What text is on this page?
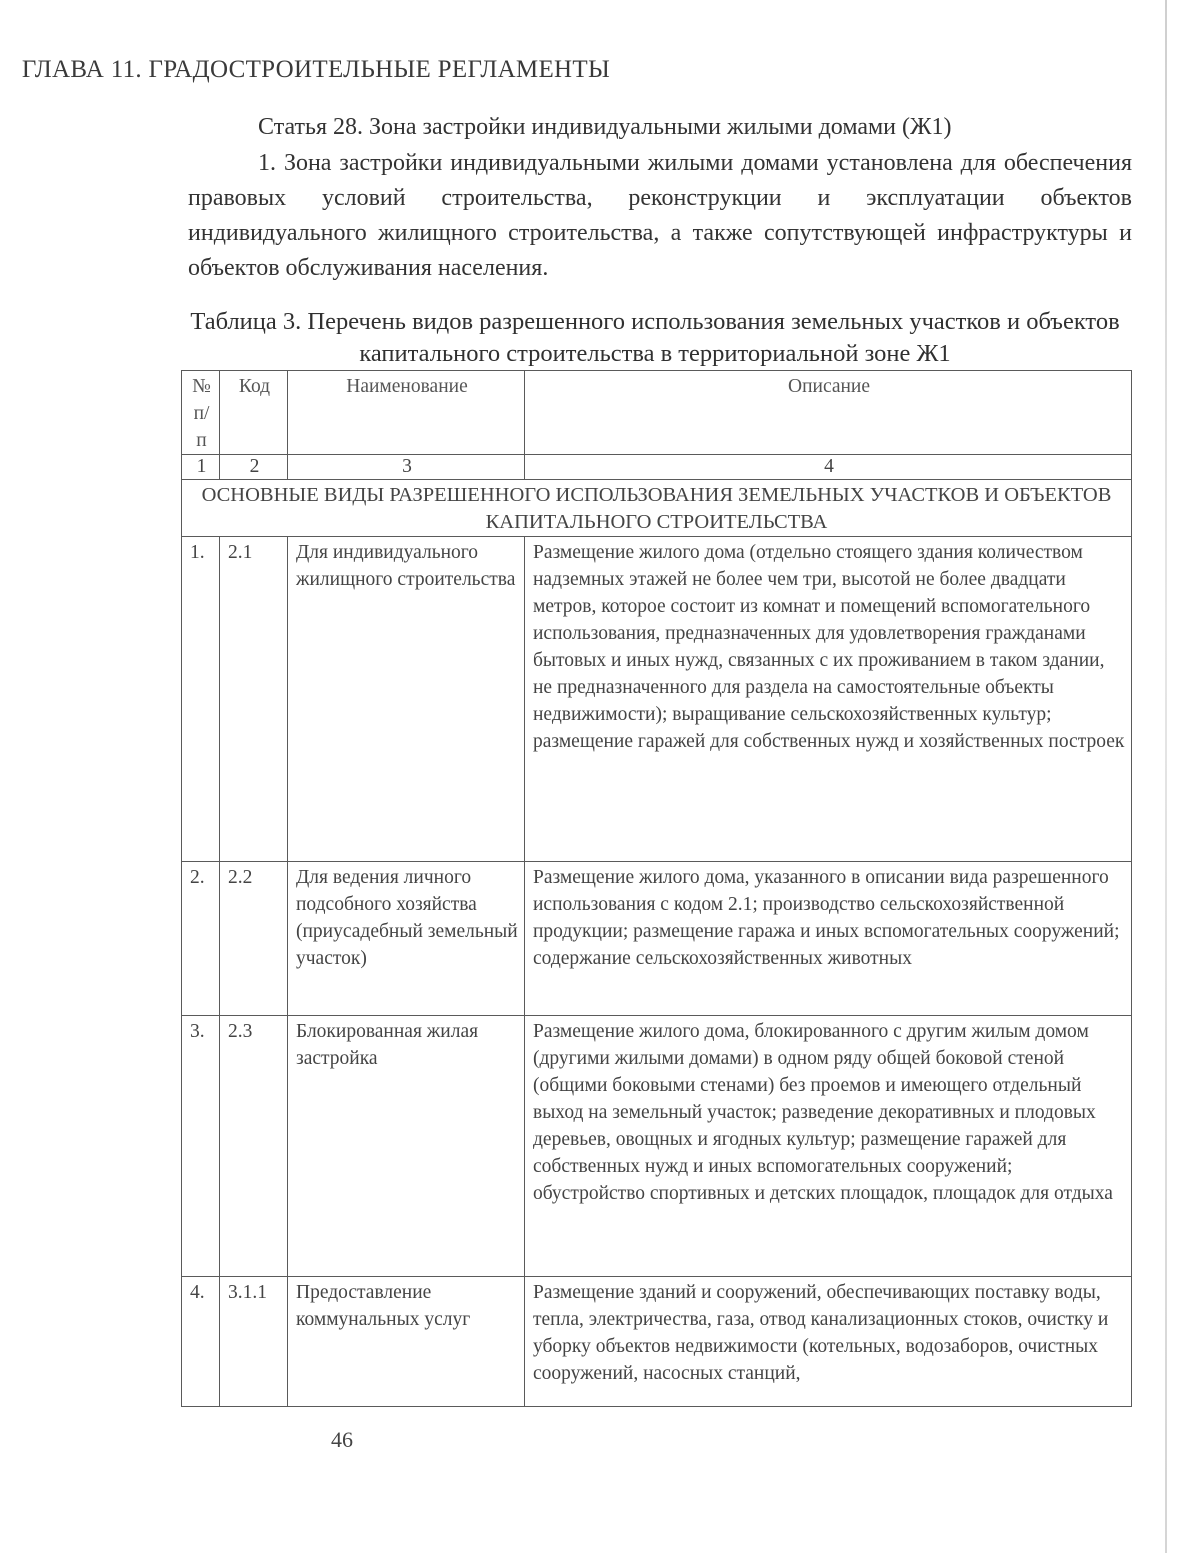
ГЛАВА 11. ГРАДОСТРОИТЕЛЬНЫЕ РЕГЛАМЕНТЫ
Статья 28. Зона застройки индивидуальными жилыми домами (Ж1)
1. Зона застройки индивидуальными жилыми домами установлена для обеспечения правовых условий строительства, реконструкции и эксплуатации объектов индивидуального жилищного строительства, а также сопутствующей инфраструктуры и объектов обслуживания населения.
Таблица 3. Перечень видов разрешенного использования земельных участков и объектов капитального строительства в территориальной зоне Ж1
№ п/п	Код	Наименование	Описание
1	2	3	4
ОСНОВНЫЕ ВИДЫ РАЗРЕШЕННОГО ИСПОЛЬЗОВАНИЯ ЗЕМЕЛЬНЫХ УЧАСТКОВ И ОБЪЕКТОВ КАПИТАЛЬНОГО СТРОИТЕЛЬСТВА			
1.	2.1	Для индивидуального жилищного строительства	Размещение жилого дома (отдельно стоящего здания количеством надземных этажей не более чем три, высотой не более двадцати метров, которое состоит из комнат и помещений вспомогательного использования, предназначенных для удовлетворения гражданами бытовых и иных нужд, связанных с их проживанием в таком здании, не предназначенного для раздела на самостоятельные объекты недвижимости); выращивание сельскохозяйственных культур; размещение гаражей для собственных нужд и хозяйственных построек
2.	2.2	Для ведения личного подсобного хозяйства (приусадебный земельный участок)	Размещение жилого дома, указанного в описании вида разрешенного использования с кодом 2.1; производство сельскохозяйственной продукции; размещение гаража и иных вспомогательных сооружений; содержание сельскохозяйственных животных
3.	2.3	Блокированная жилая застройка	Размещение жилого дома, блокированного с другим жилым домом (другими жилыми домами) в одном ряду общей боковой стеной (общими боковыми стенами) без проемов и имеющего отдельный выход на земельный участок; разведение декоративных и плодовых деревьев, овощных и ягодных культур; размещение гаражей для собственных нужд и иных вспомогательных сооружений; обустройство спортивных и детских площадок, площадок для отдыха
4.	3.1.1	Предоставление коммунальных услуг	Размещение зданий и сооружений, обеспечивающих поставку воды, тепла, электричества, газа, отвод канализационных стоков, очистку и уборку объектов недвижимости (котельных, водозаборов, очистных сооружений, насосных станций,
46
